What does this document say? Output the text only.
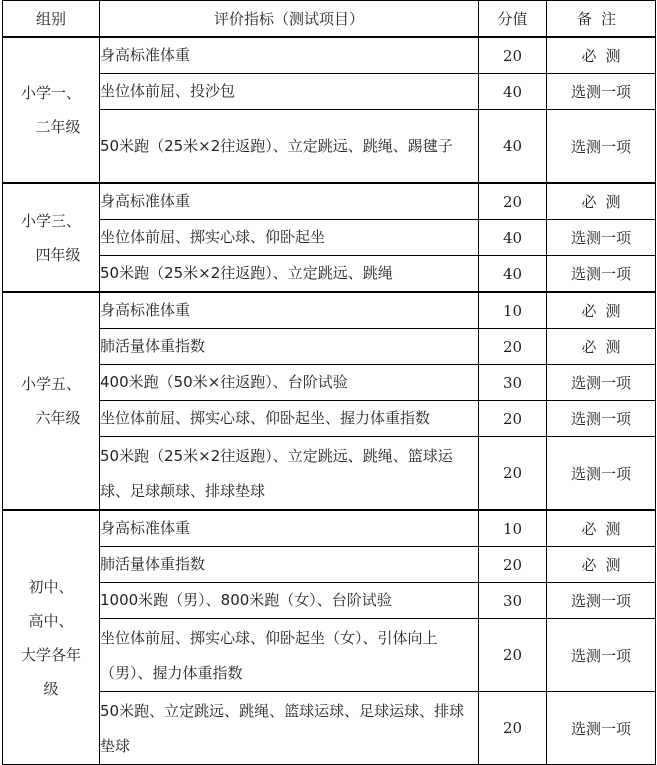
组别	评价指标（测试项目）	分值	备注

小学一、
二年级	身高标准体重	20	必测
	坐位体前屈、投沙包	40	选测一项
	50米跑（25米×2往返跑）、立定跳远、跳绳、踢毽子	40	选测一项

小学三、
四年级	身高标准体重	20	必测
	坐位体前屈、掷实心球、仰卧起坐	40	选测一项
	50米跑（25米×2往返跑）、立定跳远、跳绳	40	选测一项

小学五、
六年级	身高标准体重	10	必测
	肺活量体重指数	20	必测
	400米跑（50米×往返跑）、台阶试验	30	选测一项
	坐位体前屈、掷实心球、仰卧起坐、握力体重指数	20	选测一项
	50米跑（25米×2往返跑）、立定跳远、跳绳、篮球运球、足球颠球、排球垫球	20	选测一项

初中、
高中、
大学各年
级	身高标准体重	10	必测
	肺活量体重指数	20	必测
	1000米跑（男）、800米跑（女）、台阶试验	30	选测一项
	坐位体前屈、掷实心球、仰卧起坐（女）、引体向上（男）、握力体重指数	20	选测一项
	50米跑、立定跳远、跳绳、篮球运球、足球运球、排球垫球	20	选测一项
